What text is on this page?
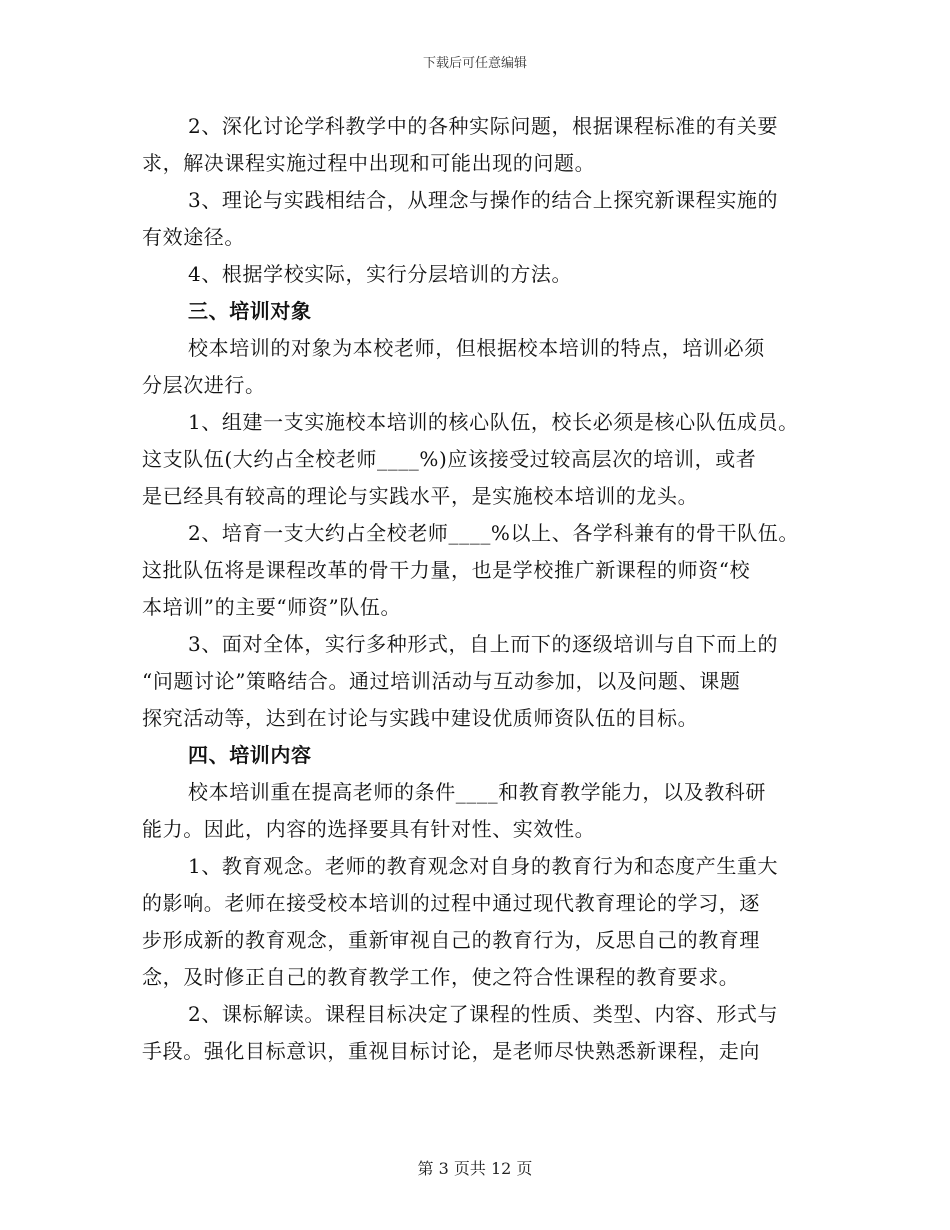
下载后可任意编辑
2、深化讨论学科教学中的各种实际问题，根据课程标准的有关要
求，解决课程实施过程中出现和可能出现的问题。
3、理论与实践相结合，从理念与操作的结合上探究新课程实施的
有效途径。
4、根据学校实际，实行分层培训的方法。
三、培训对象
校本培训的对象为本校老师，但根据校本培训的特点，培训必须
分层次进行。
1、组建一支实施校本培训的核心队伍，校长必须是核心队伍成员。
这支队伍(大约占全校老师____%)应该接受过较高层次的培训，或者
是已经具有较高的理论与实践水平，是实施校本培训的龙头。
2、培育一支大约占全校老师____%以上、各学科兼有的骨干队伍。
这批队伍将是课程改革的骨干力量，也是学校推广新课程的师资“校
本培训”的主要“师资”队伍。
3、面对全体，实行多种形式，自上而下的逐级培训与自下而上的
“问题讨论”策略结合。通过培训活动与互动参加，以及问题、课题
探究活动等，达到在讨论与实践中建设优质师资队伍的目标。
四、培训内容
校本培训重在提高老师的条件____和教育教学能力，以及教科研
能力。因此，内容的选择要具有针对性、实效性。
1、教育观念。老师的教育观念对自身的教育行为和态度产生重大
的影响。老师在接受校本培训的过程中通过现代教育理论的学习，逐
步形成新的教育观念，重新审视自己的教育行为，反思自己的教育理
念，及时修正自己的教育教学工作，使之符合性课程的教育要求。
2、课标解读。课程目标决定了课程的性质、类型、内容、形式与
手段。强化目标意识，重视目标讨论，是老师尽快熟悉新课程，走向
第 3 页共 12 页
